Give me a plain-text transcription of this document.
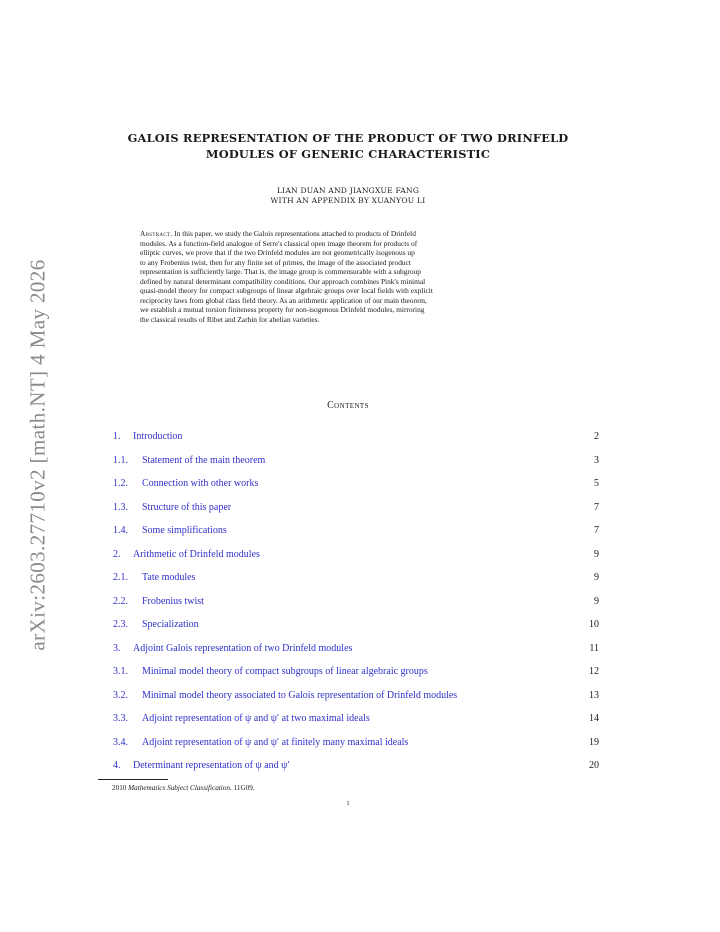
arXiv:2603.27710v2 [math.NT] 4 May 2026
GALOIS REPRESENTATION OF THE PRODUCT OF TWO DRINFELD
MODULES OF GENERIC CHARACTERISTIC
LIAN DUAN AND JIANGXUE FANG
WITH AN APPENDIX BY XUANYOU LI
Abstract. In this paper, we study the Galois representations attached to products of Drinfeld
modules. As a function-field analogue of Serre's classical open image theorem for products of
elliptic curves, we prove that if the two Drinfeld modules are not geometrically isogenous up
to any Frobenius twist, then for any finite set of primes, the image of the associated product
representation is sufficiently large. That is, the image group is commensurable with a subgroup
defined by natural determinant compatibility conditions. Our approach combines Pink's minimal
quasi-model theory for compact subgroups of linear algebraic groups over local fields with explicit
reciprocity laws from global class field theory. As an arithmetic application of our main theorem,
we establish a mutual torsion finiteness property for non-isogenous Drinfeld modules, mirroring
the classical results of Ribet and Zarhin for abelian varieties.
Contents
1. Introduction	2
1.1. Statement of the main theorem	3
1.2. Connection with other works	5
1.3. Structure of this paper	7
1.4. Some simplifications	7
2. Arithmetic of Drinfeld modules	9
2.1. Tate modules	9
2.2. Frobenius twist	9
2.3. Specialization	10
3. Adjoint Galois representation of two Drinfeld modules	11
3.1. Minimal model theory of compact subgroups of linear algebraic groups	12
3.2. Minimal model theory associated to Galois representation of Drinfeld modules	13
3.3. Adjoint representation of ψ and ψ′ at two maximal ideals	14
3.4. Adjoint representation of ψ and ψ′ at finitely many maximal ideals	19
4. Determinant representation of ψ and ψ′	20
2010 Mathematics Subject Classification. 11G09.
1
